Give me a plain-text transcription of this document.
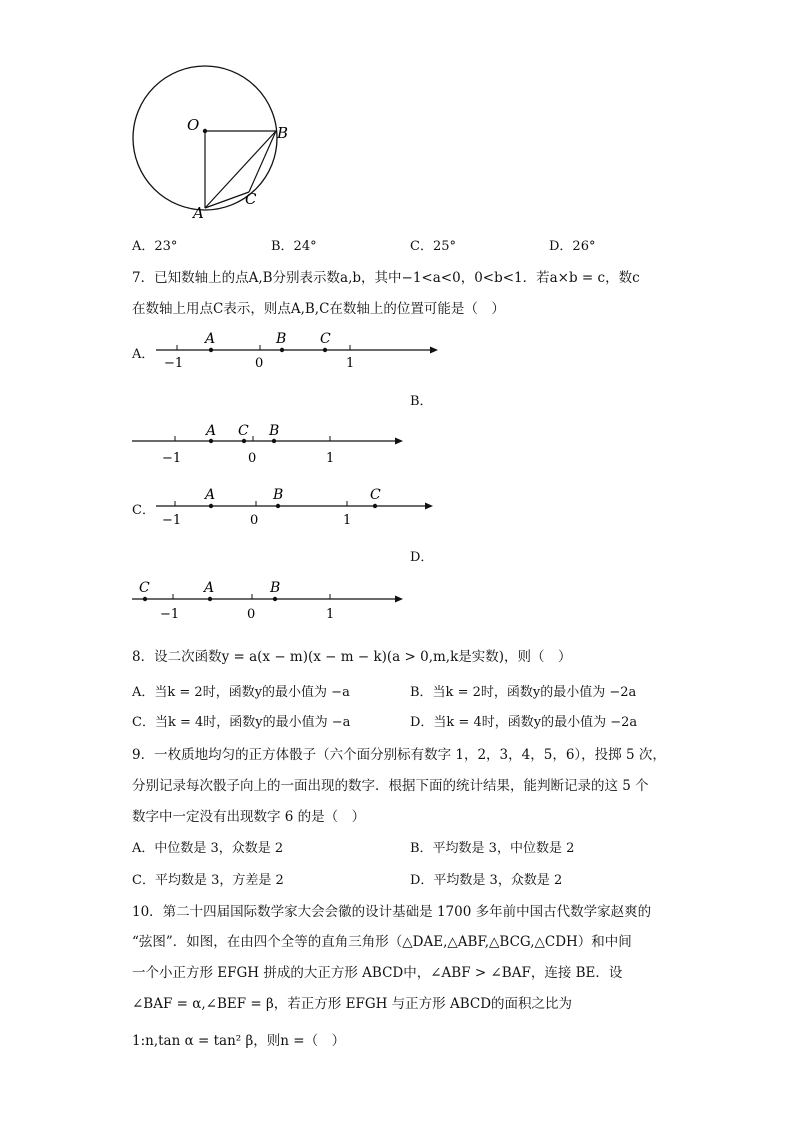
O	B
C
A
A．23°	B．24°	C．25°	D．26°
7．已知数轴上的点A,B分别表示数a,b，其中−1<a<0，0<b<1．若a×b = c，数c
在数轴上用点C表示，则点A,B,C在数轴上的位置可能是（　）
A．
−1	0	1
A	B C
B．
−1	0	1
A C B
C．
−1	0	1
A	B	C
D．
−1	0	1
C	A	B
8．设二次函数y = a(x − m)(x − m − k)(a > 0,m,k是实数)，则（　）
A．当k = 2时，函数y的最小值为 −a	B．当k = 2时，函数y的最小值为 −2a
C．当k = 4时，函数y的最小值为 −a	D．当k = 4时，函数y的最小值为 −2a
9．一枚质地均匀的正方体骰子（六个面分别标有数字 1，2，3，4，5，6），投掷 5 次，
分别记录每次骰子向上的一面出现的数字．根据下面的统计结果，能判断记录的这 5 个
数字中一定没有出现数字 6 的是（　）
A．中位数是 3，众数是 2	B．平均数是 3，中位数是 2
C．平均数是 3，方差是 2	D．平均数是 3，众数是 2
10．第二十四届国际数学家大会会徽的设计基础是 1700 多年前中国古代数学家赵爽的
“弦图”．如图，在由四个全等的直角三角形（△DAE,△ABF,△BCG,△CDH）和中间
一个小正方形 EFGH 拼成的大正方形 ABCD中，∠ABF > ∠BAF，连接 BE．设
∠BAF = α,∠BEF = β，若正方形 EFGH 与正方形 ABCD的面积之比为
1:n,tan α = tan² β，则n =（　）
